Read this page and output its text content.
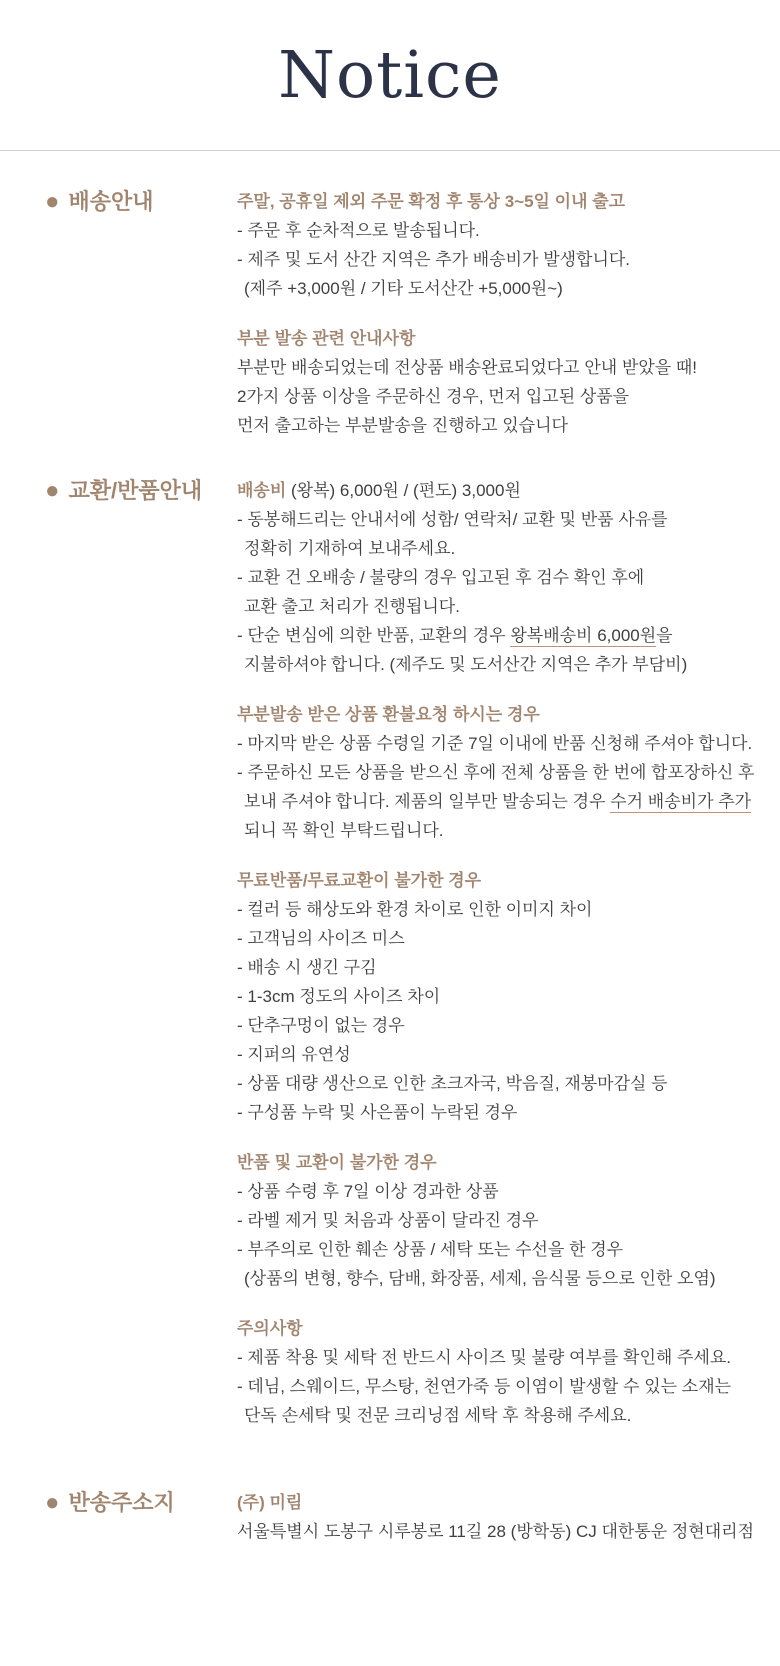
Notice
● 배송안내	주말, 공휴일 제외 주문 확정 후 통상 3~5일 이내 출고

- 주문 후 순차적으로 발송됩니다.

- 제주 및 도서 산간 지역은 추가 배송비가 발생합니다.

(제주 +3,000원 / 기타 도서산간 +5,000원~)

부분 발송 관련 안내사항

부분만 배송되었는데 전상품 배송완료되었다고 안내 받았을 때!

2가지 상품 이상을 주문하신 경우, 먼저 입고된 상품을

먼저 출고하는 부분발송을 진행하고 있습니다

● 교환/반품안내 배송비 (왕복) 6,000원 / (편도) 3,000원

- 동봉해드리는 안내서에 성함/ 연락처/ 교환 및 반품 사유를

정확히 기재하여 보내주세요.

- 교환 건 오배송 / 불량의 경우 입고된 후 검수 확인 후에

교환 출고 처리가 진행됩니다.

- 단순 변심에 의한 반품, 교환의 경우 왕복배송비 6,000원을

지불하셔야 합니다. (제주도 및 도서산간 지역은 추가 부담비)

부분발송 받은 상품 환불요청 하시는 경우

- 마지막 받은 상품 수령일 기준 7일 이내에 반품 신청해 주셔야 합니다.

- 주문하신 모든 상품을 받으신 후에 전체 상품을 한 번에 합포장하신 후

보내 주셔야 합니다. 제품의 일부만 발송되는 경우 수거 배송비가 추가

되니 꼭 확인 부탁드립니다.

무료반품/무료교환이 불가한 경우

- 컬러 등 해상도와 환경 차이로 인한 이미지 차이

- 고객님의 사이즈 미스

- 배송 시 생긴 구김

- 1-3cm 정도의 사이즈 차이

- 단추구멍이 없는 경우

- 지퍼의 유연성

- 상품 대량 생산으로 인한 초크자국, 박음질, 재봉마감실 등

- 구성품 누락 및 사은품이 누락된 경우

반품 및 교환이 불가한 경우

- 상품 수령 후 7일 이상 경과한 상품

- 라벨 제거 및 처음과 상품이 달라진 경우

- 부주의로 인한 훼손 상품 / 세탁 또는 수선을 한 경우

(상품의 변형, 향수, 담배, 화장품, 세제, 음식물 등으로 인한 오염)

주의사항

- 제품 착용 및 세탁 전 반드시 사이즈 및 불량 여부를 확인해 주세요.

- 데님, 스웨이드, 무스탕, 천연가죽 등 이염이 발생할 수 있는 소재는

단독 손세탁 및 전문 크리닝점 세탁 후 착용해 주세요.

● 반송주소지	(주) 미림

서울특별시 도봉구 시루봉로 11길 28 (방학동) CJ 대한통운 정현대리점
